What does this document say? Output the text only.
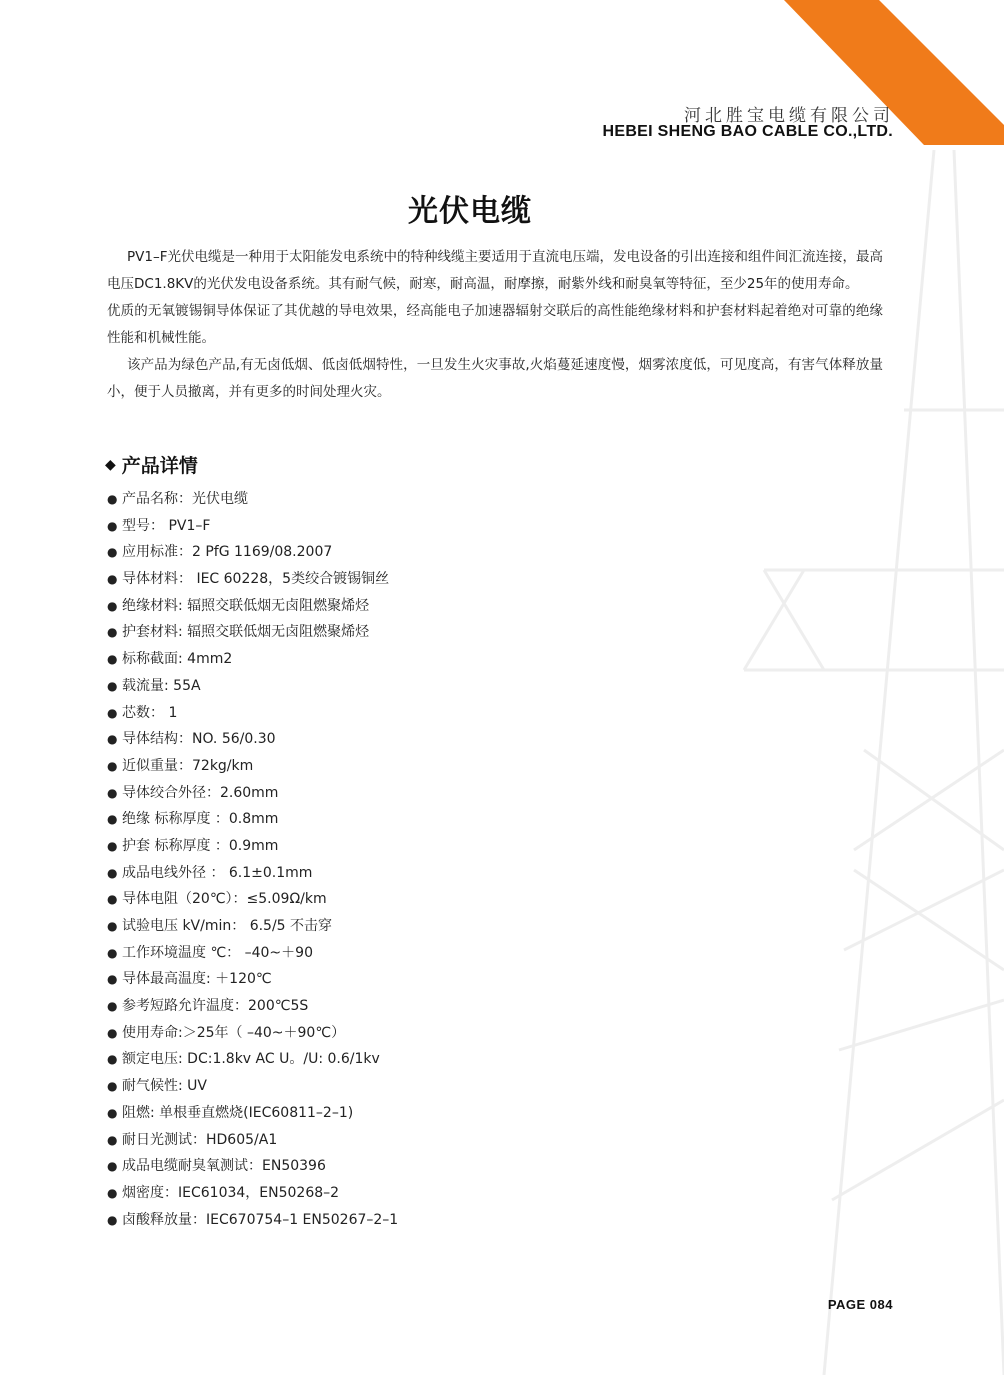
河北胜宝电缆有限公司
HEBEI SHENG BAO CABLE CO.,LTD.
光伏电缆

PV1–F光伏电缆是一种用于太阳能发电系统中的特种线缆主要适用于直流电压端，发电设备的引出连接和组件间汇流连接，最高电压DC1.8KV的光伏发电设备系统。其有耐气候，耐寒，耐高温，耐摩擦，耐紫外线和耐臭氧等特征，至少25年的使用寿命。

优质的无氧镀锡铜导体保证了其优越的导电效果，经高能电子加速器辐射交联后的高性能绝缘材料和护套材料起着绝对可靠的绝缘性能和机械性能。

该产品为绿色产品,有无卤低烟、低卤低烟特性，一旦发生火灾事故,火焰蔓延速度慢，烟雾浓度低，可见度高，有害气体释放量小，便于人员撤离，并有更多的时间处理火灾。

◆ 产品详情
● 产品名称：光伏电缆
● 型号： PV1–F
● 应用标准：2 PfG 1169/08.2007
● 导体材料： IEC 60228，5类绞合镀锡铜丝
● 绝缘材料: 辐照交联低烟无卤阻燃聚烯烃
● 护套材料: 辐照交联低烟无卤阻燃聚烯烃
● 标称截面: 4mm2
● 载流量: 55A
● 芯数： 1
● 导体结构：NO. 56/0.30
● 近似重量：72kg/km
● 导体绞合外径：2.60mm
● 绝缘 标称厚度 ：0.8mm
● 护套 标称厚度 ：0.9mm
● 成品电线外径 ： 6.1±0.1mm
● 导体电阻（20℃）：≤5.09Ω/km
● 试验电压 kV/min： 6.5/5 不击穿
● 工作环境温度 ℃： –40~＋90
● 导体最高温度: ＋120℃
● 参考短路允许温度：200℃5S
● 使用寿命:＞25年（ –40~＋90℃）
● 额定电压: DC:1.8kv AC U。/U: 0.6/1kv
● 耐气候性: UV
● 阻燃: 单根垂直燃烧(IEC60811–2–1)
● 耐日光测试：HD605/A1
● 成品电缆耐臭氧测试：EN50396
● 烟密度：IEC61034，EN50268–2
● 卤酸释放量：IEC670754–1 EN50267–2–1
PAGE 084
